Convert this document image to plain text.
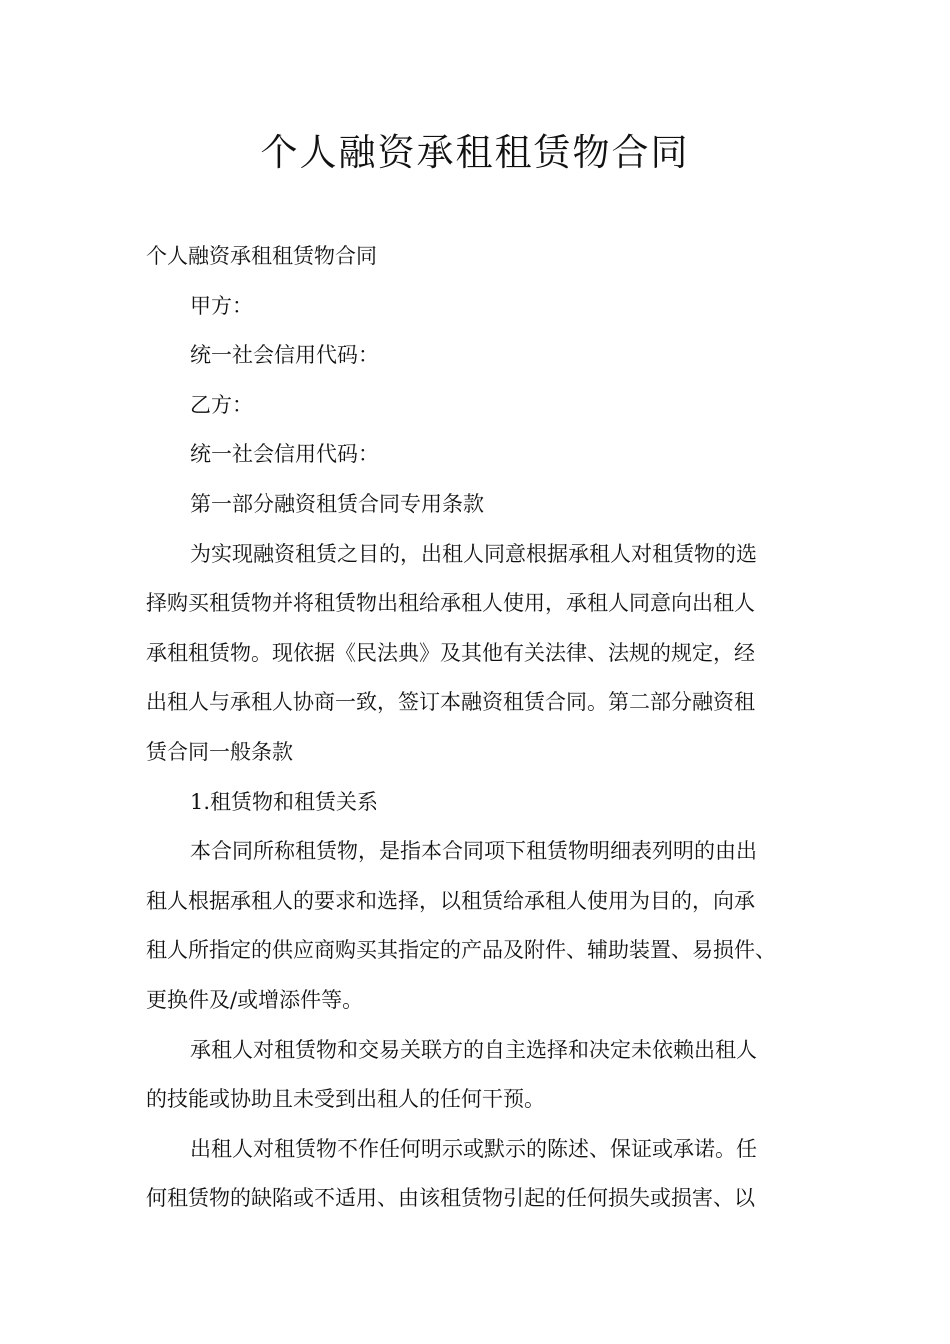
个人融资承租租赁物合同

个人融资承租租赁物合同

甲方：

统一社会信用代码：

乙方：

统一社会信用代码：

第一部分融资租赁合同专用条款

为实现融资租赁之目的，出租人同意根据承租人对租赁物的选

择购买租赁物并将租赁物出租给承租人使用，承租人同意向出租人

承租租赁物。现依据《民法典》及其他有关法律、法规的规定，经

出租人与承租人协商一致，签订本融资租赁合同。第二部分融资租

赁合同一般条款

1.租赁物和租赁关系

本合同所称租赁物，是指本合同项下租赁物明细表列明的由出

租人根据承租人的要求和选择，以租赁给承租人使用为目的，向承

租人所指定的供应商购买其指定的产品及附件、辅助装置、易损件、

更换件及/或增添件等。

承租人对租赁物和交易关联方的自主选择和决定未依赖出租人

的技能或协助且未受到出租人的任何干预。

出租人对租赁物不作任何明示或默示的陈述、保证或承诺。任

何租赁物的缺陷或不适用、由该租赁物引起的任何损失或损害、以
